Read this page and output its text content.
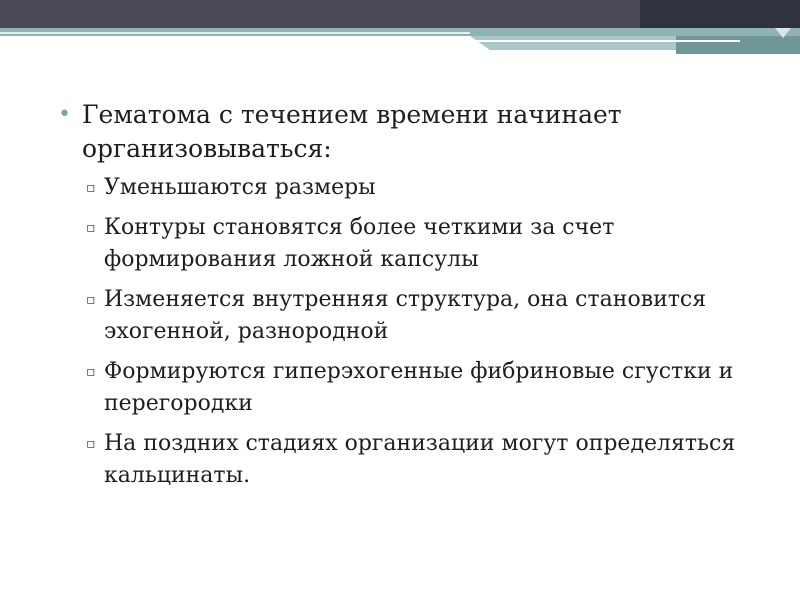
• Гематома с течением времени начинает организовываться:
▫ Уменьшаются размеры
▫ Контуры становятся более четкими за счет формирования ложной капсулы
▫ Изменяется внутренняя структура, она становится эхогенной, разнородной
▫ Формируются гиперэхогенные фибриновые сгустки и перегородки
▫ На поздних стадиях организации могут определяться кальцинаты.
